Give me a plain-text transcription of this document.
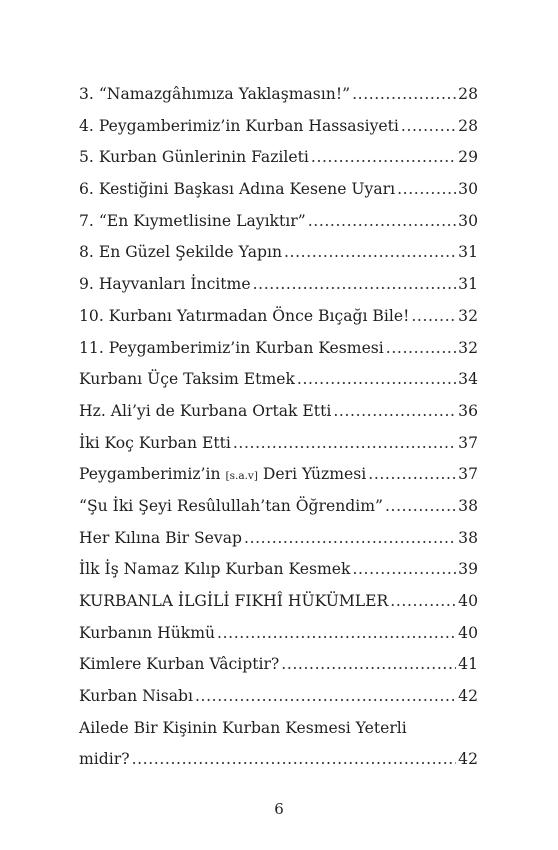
3. “Namazgâhımıza Yaklaşmasın!” .....	28
4. Peygamberimiz’in Kurban Hassasiyeti .....	28
5. Kurban Günlerinin Fazileti .....	29
6. Kestiğini Başkası Adına Kesene Uyarı .....	30
7. “En Kıymetlisine Layıktır” .....	30
8. En Güzel Şekilde Yapın .....	31
9. Hayvanları İncitme .....	31
10. Kurbanı Yatırmadan Önce Bıçağı Bile! .....	32
11. Peygamberimiz’in Kurban Kesmesi .....	32
Kurbanı Üçe Taksim Etmek .....	34
Hz. Ali’yi de Kurbana Ortak Etti .....	36
İki Koç Kurban Etti .....	37
Peygamberimiz’in [s.a.v] Deri Yüzmesi .....	37
“Şu İki Şeyi Resûlullah’tan Öğrendim” .....	38
Her Kılına Bir Sevap .....	38
İlk İş Namaz Kılıp Kurban Kesmek .....	39
KURBANLA İLGİLİ FIKHÎ HÜKÜMLER .....	40
Kurbanın Hükmü .....	40
Kimlere Kurban Vâciptir? .....	41
Kurban Nisabı .....	42
Ailede Bir Kişinin Kurban Kesmesi Yeterli
midir? .....	42
6
